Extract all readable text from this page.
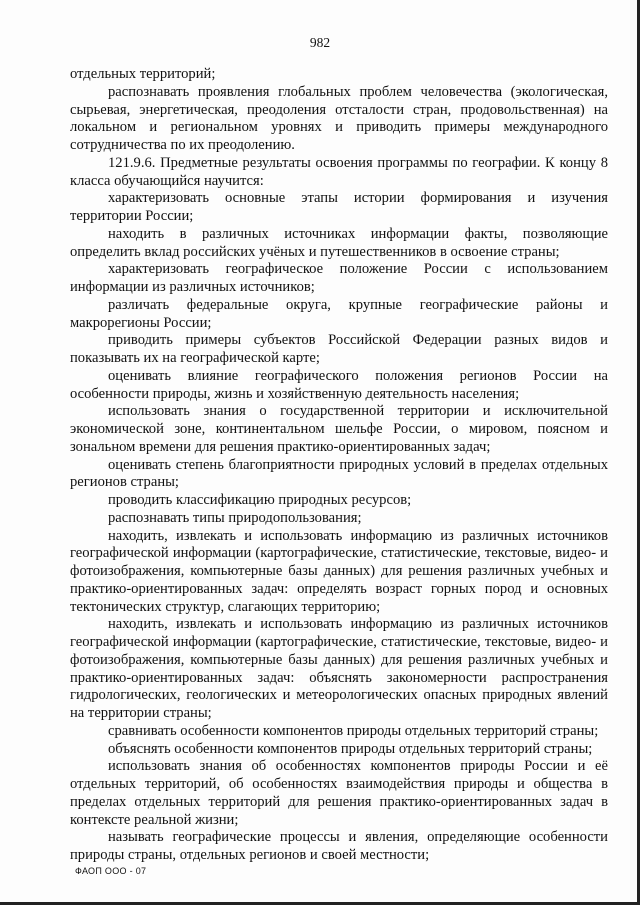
982

отдельных территорий;

распознавать проявления глобальных проблем человечества (экологическая, сырьевая, энергетическая, преодоления отсталости стран, продовольственная) на локальном и региональном уровнях и приводить примеры международного сотрудничества по их преодолению.

121.9.6. Предметные результаты освоения программы по географии. К концу 8 класса обучающийся научится:

характеризовать основные этапы истории формирования и изучения территории России;

находить в различных источниках информации факты, позволяющие определить вклад российских учёных и путешественников в освоение страны;

характеризовать географическое положение России с использованием информации из различных источников;

различать федеральные округа, крупные географические районы и макрорегионы России;

приводить примеры субъектов Российской Федерации разных видов и показывать их на географической карте;

оценивать влияние географического положения регионов России на особенности природы, жизнь и хозяйственную деятельность населения;

использовать знания о государственной территории и исключительной экономической зоне, континентальном шельфе России, о мировом, поясном и зональном времени для решения практико-ориентированных задач;

оценивать степень благоприятности природных условий в пределах отдельных регионов страны;

проводить классификацию природных ресурсов;

распознавать типы природопользования;

находить, извлекать и использовать информацию из различных источников географической информации (картографические, статистические, текстовые, видео- и фотоизображения, компьютерные базы данных) для решения различных учебных и практико-ориентированных задач: определять возраст горных пород и основных тектонических структур, слагающих территорию;

находить, извлекать и использовать информацию из различных источников географической информации (картографические, статистические, текстовые, видео- и фотоизображения, компьютерные базы данных) для решения различных учебных и практико-ориентированных задач: объяснять закономерности распространения гидрологических, геологических и метеорологических опасных природных явлений на территории страны;

сравнивать особенности компонентов природы отдельных территорий страны;

объяснять особенности компонентов природы отдельных территорий страны;

использовать знания об особенностях компонентов природы России и её отдельных территорий, об особенностях взаимодействия природы и общества в пределах отдельных территорий для решения практико-ориентированных задач в контексте реальной жизни;

называть географические процессы и явления, определяющие особенности природы страны, отдельных регионов и своей местности;

ФАОП ООО - 07
